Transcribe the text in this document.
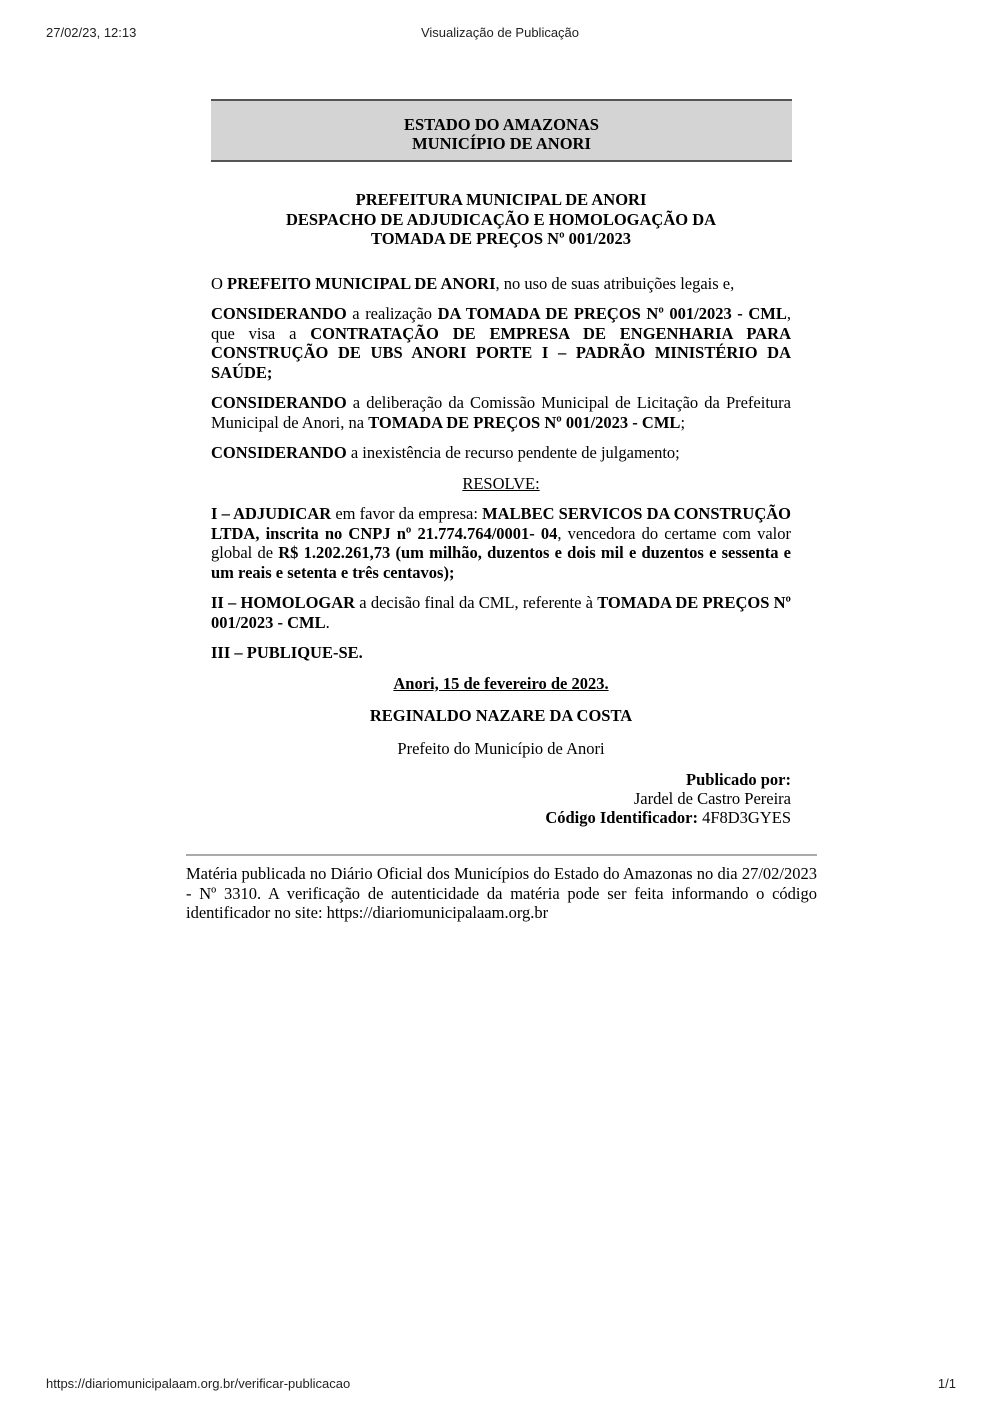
27/02/23, 12:13	Visualização de Publicação
ESTADO DO AMAZONAS
MUNICÍPIO DE ANORI
PREFEITURA MUNICIPAL DE ANORI
DESPACHO DE ADJUDICAÇÃO E HOMOLOGAÇÃO DA
TOMADA DE PREÇOS Nº 001/2023

O PREFEITO MUNICIPAL DE ANORI, no uso de suas atribuições legais e,

CONSIDERANDO a realização DA TOMADA DE PREÇOS Nº 001/2023 - CML, que visa a CONTRATAÇÃO DE EMPRESA DE ENGENHARIA PARA CONSTRUÇÃO DE UBS ANORI PORTE I – PADRÃO MINISTÉRIO DA SAÚDE;

CONSIDERANDO a deliberação da Comissão Municipal de Licitação da Prefeitura Municipal de Anori, na TOMADA DE PREÇOS Nº 001/2023 - CML;

CONSIDERANDO a inexistência de recurso pendente de julgamento;

RESOLVE:

I – ADJUDICAR em favor da empresa: MALBEC SERVICOS DA CONSTRUÇÃO LTDA, inscrita no CNPJ nº 21.774.764/0001- 04, vencedora do certame com valor global de R$ 1.202.261,73 (um milhão, duzentos e dois mil e duzentos e sessenta e um reais e setenta e três centavos);

II – HOMOLOGAR a decisão final da CML, referente à TOMADA DE PREÇOS Nº 001/2023 - CML.

III – PUBLIQUE-SE.

Anori, 15 de fevereiro de 2023.

REGINALDO NAZARE DA COSTA

Prefeito do Município de Anori

Publicado por:
Jardel de Castro Pereira
Código Identificador: 4F8D3GYES

Matéria publicada no Diário Oficial dos Municípios do Estado do Amazonas no dia 27/02/2023 - Nº 3310. A verificação de autenticidade da matéria pode ser feita informando o código identificador no site: https://diariomunicipalaam.org.br

https://diariomunicipalaam.org.br/verificar-publicacao	1/1
